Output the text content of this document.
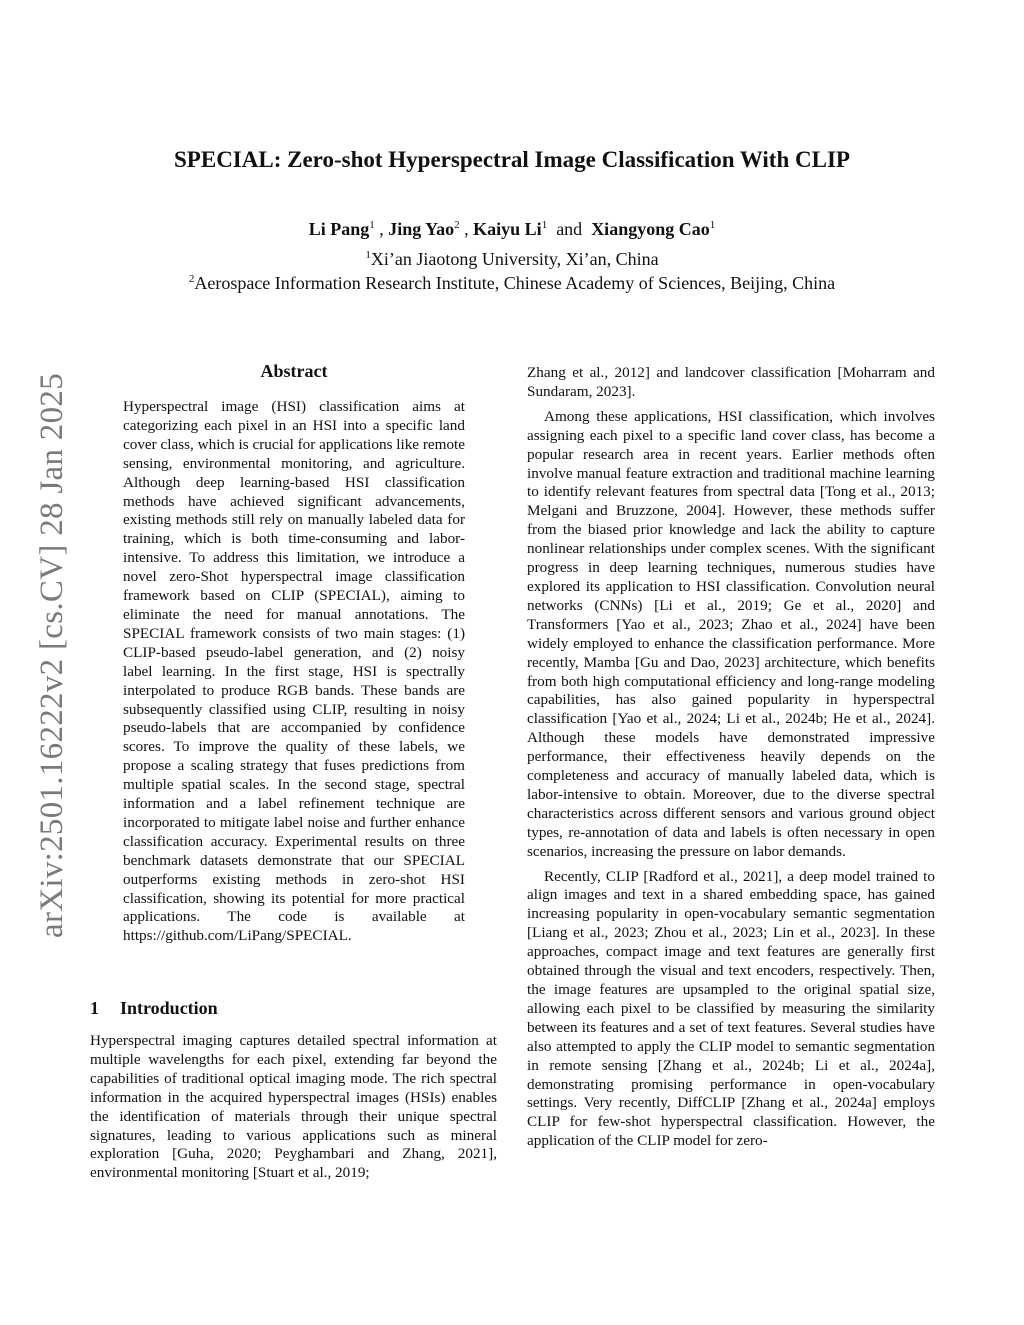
arXiv:2501.16222v2 [cs.CV] 28 Jan 2025
SPECIAL: Zero-shot Hyperspectral Image Classification With CLIP
Li Pang$^1$ , Jing Yao$^2$ , Kaiyu Li$^1$  and  Xiangyong Cao$^1$
$^1$Xi’an Jiaotong University, Xi’an, China
$^2$Aerospace Information Research Institute, Chinese Academy of Sciences, Beijing, China
Abstract

Hyperspectral image (HSI) classification aims at categorizing each pixel in an HSI into a specific land cover class, which is crucial for applications like remote sensing, environmental monitoring, and agriculture. Although deep learning-based HSI classification methods have achieved significant advancements, existing methods still rely on manually labeled data for training, which is both time-consuming and labor-intensive. To address this limitation, we introduce a novel zero-Shot hyperspectral image classification framework based on CLIP (SPECIAL), aiming to eliminate the need for manual annotations. The SPECIAL framework consists of two main stages: (1) CLIP-based pseudo-label generation, and (2) noisy label learning. In the first stage, HSI is spectrally interpolated to produce RGB bands. These bands are subsequently classified using CLIP, resulting in noisy pseudo-labels that are accompanied by confidence scores. To improve the quality of these labels, we propose a scaling strategy that fuses predictions from multiple spatial scales. In the second stage, spectral information and a label refinement technique are incorporated to mitigate label noise and further enhance classification accuracy. Experimental results on three benchmark datasets demonstrate that our SPECIAL outperforms existing methods in zero-shot HSI classification, showing its potential for more practical applications. The code is available at https://github.com/LiPang/SPECIAL.

1 Introduction

Hyperspectral imaging captures detailed spectral information at multiple wavelengths for each pixel, extending far beyond the capabilities of traditional optical imaging mode. The rich spectral information in the acquired hyperspectral images (HSIs) enables the identification of materials through their unique spectral signatures, leading to various applications such as mineral exploration [Guha, 2020; Peyghambari and Zhang, 2021], environmental monitoring [Stuart et al., 2019;

Zhang et al., 2012] and landcover classification [Moharram and Sundaram, 2023].

Among these applications, HSI classification, which involves assigning each pixel to a specific land cover class, has become a popular research area in recent years. Earlier methods often involve manual feature extraction and traditional machine learning to identify relevant features from spectral data [Tong et al., 2013; Melgani and Bruzzone, 2004]. However, these methods suffer from the biased prior knowledge and lack the ability to capture nonlinear relationships under complex scenes. With the significant progress in deep learning techniques, numerous studies have explored its application to HSI classification. Convolution neural networks (CNNs) [Li et al., 2019; Ge et al., 2020] and Transformers [Yao et al., 2023; Zhao et al., 2024] have been widely employed to enhance the classification performance. More recently, Mamba [Gu and Dao, 2023] architecture, which benefits from both high computational efficiency and long-range modeling capabilities, has also gained popularity in hyperspectral classification [Yao et al., 2024; Li et al., 2024b; He et al., 2024]. Although these models have demonstrated impressive performance, their effectiveness heavily depends on the completeness and accuracy of manually labeled data, which is labor-intensive to obtain. Moreover, due to the diverse spectral characteristics across different sensors and various ground object types, re-annotation of data and labels is often necessary in open scenarios, increasing the pressure on labor demands.

Recently, CLIP [Radford et al., 2021], a deep model trained to align images and text in a shared embedding space, has gained increasing popularity in open-vocabulary semantic segmentation [Liang et al., 2023; Zhou et al., 2023; Lin et al., 2023]. In these approaches, compact image and text features are generally first obtained through the visual and text encoders, respectively. Then, the image features are upsampled to the original spatial size, allowing each pixel to be classified by measuring the similarity between its features and a set of text features. Several studies have also attempted to apply the CLIP model to semantic segmentation in remote sensing [Zhang et al., 2024b; Li et al., 2024a], demonstrating promising performance in open-vocabulary settings. Very recently, DiffCLIP [Zhang et al., 2024a] employs CLIP for few-shot hyperspectral classification. However, the application of the CLIP model for zero-
